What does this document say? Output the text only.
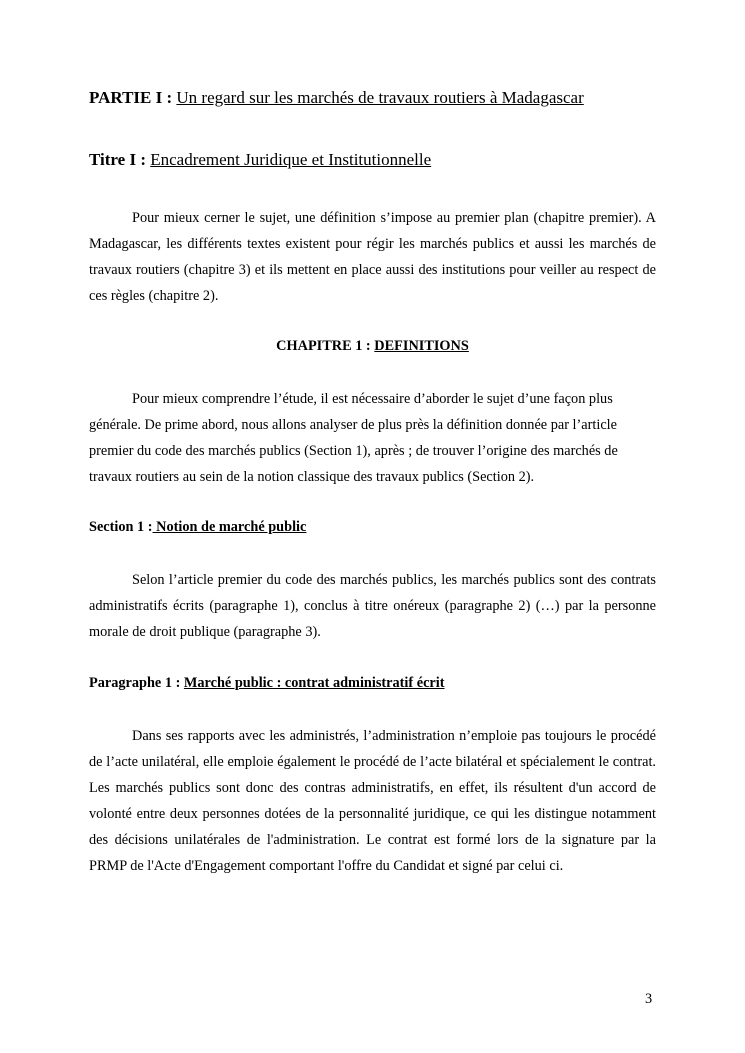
PARTIE I : Un regard sur les marchés de travaux routiers à Madagascar
Titre I : Encadrement Juridique et Institutionnelle

Pour mieux cerner le sujet, une définition s’impose au premier plan (chapitre premier). A Madagascar, les différents textes existent pour régir les marchés publics et aussi les marchés de travaux routiers (chapitre 3) et ils mettent en place aussi des institutions pour veiller au respect de ces règles (chapitre 2).

CHAPITRE 1 : DEFINITIONS

Pour mieux comprendre l’étude, il est nécessaire d’aborder le sujet d’une façon plus générale. De prime abord, nous allons analyser de plus près la définition donnée par l’article premier du code des marchés publics (Section 1), après ; de trouver l’origine des marchés de travaux routiers au sein de la notion classique des travaux publics (Section 2).

Section 1 : Notion de marché public

Selon l’article premier du code des marchés publics, les marchés publics sont des contrats administratifs écrits (paragraphe 1), conclus à titre onéreux (paragraphe 2) (…) par la personne morale de droit publique (paragraphe 3).

Paragraphe 1 : Marché public : contrat administratif écrit

Dans ses rapports avec les administrés, l’administration n’emploie pas toujours le procédé de l’acte unilatéral, elle emploie également le procédé de l’acte bilatéral et spécialement le contrat. Les marchés publics sont donc des contras administratifs, en effet, ils résultent d'un accord de volonté entre deux personnes dotées de la personnalité juridique, ce qui les distingue notamment des décisions unilatérales de l'administration. Le contrat est formé lors de la signature par la PRMP de l'Acte d'Engagement comportant l'offre du Candidat et signé par celui ci.

3
